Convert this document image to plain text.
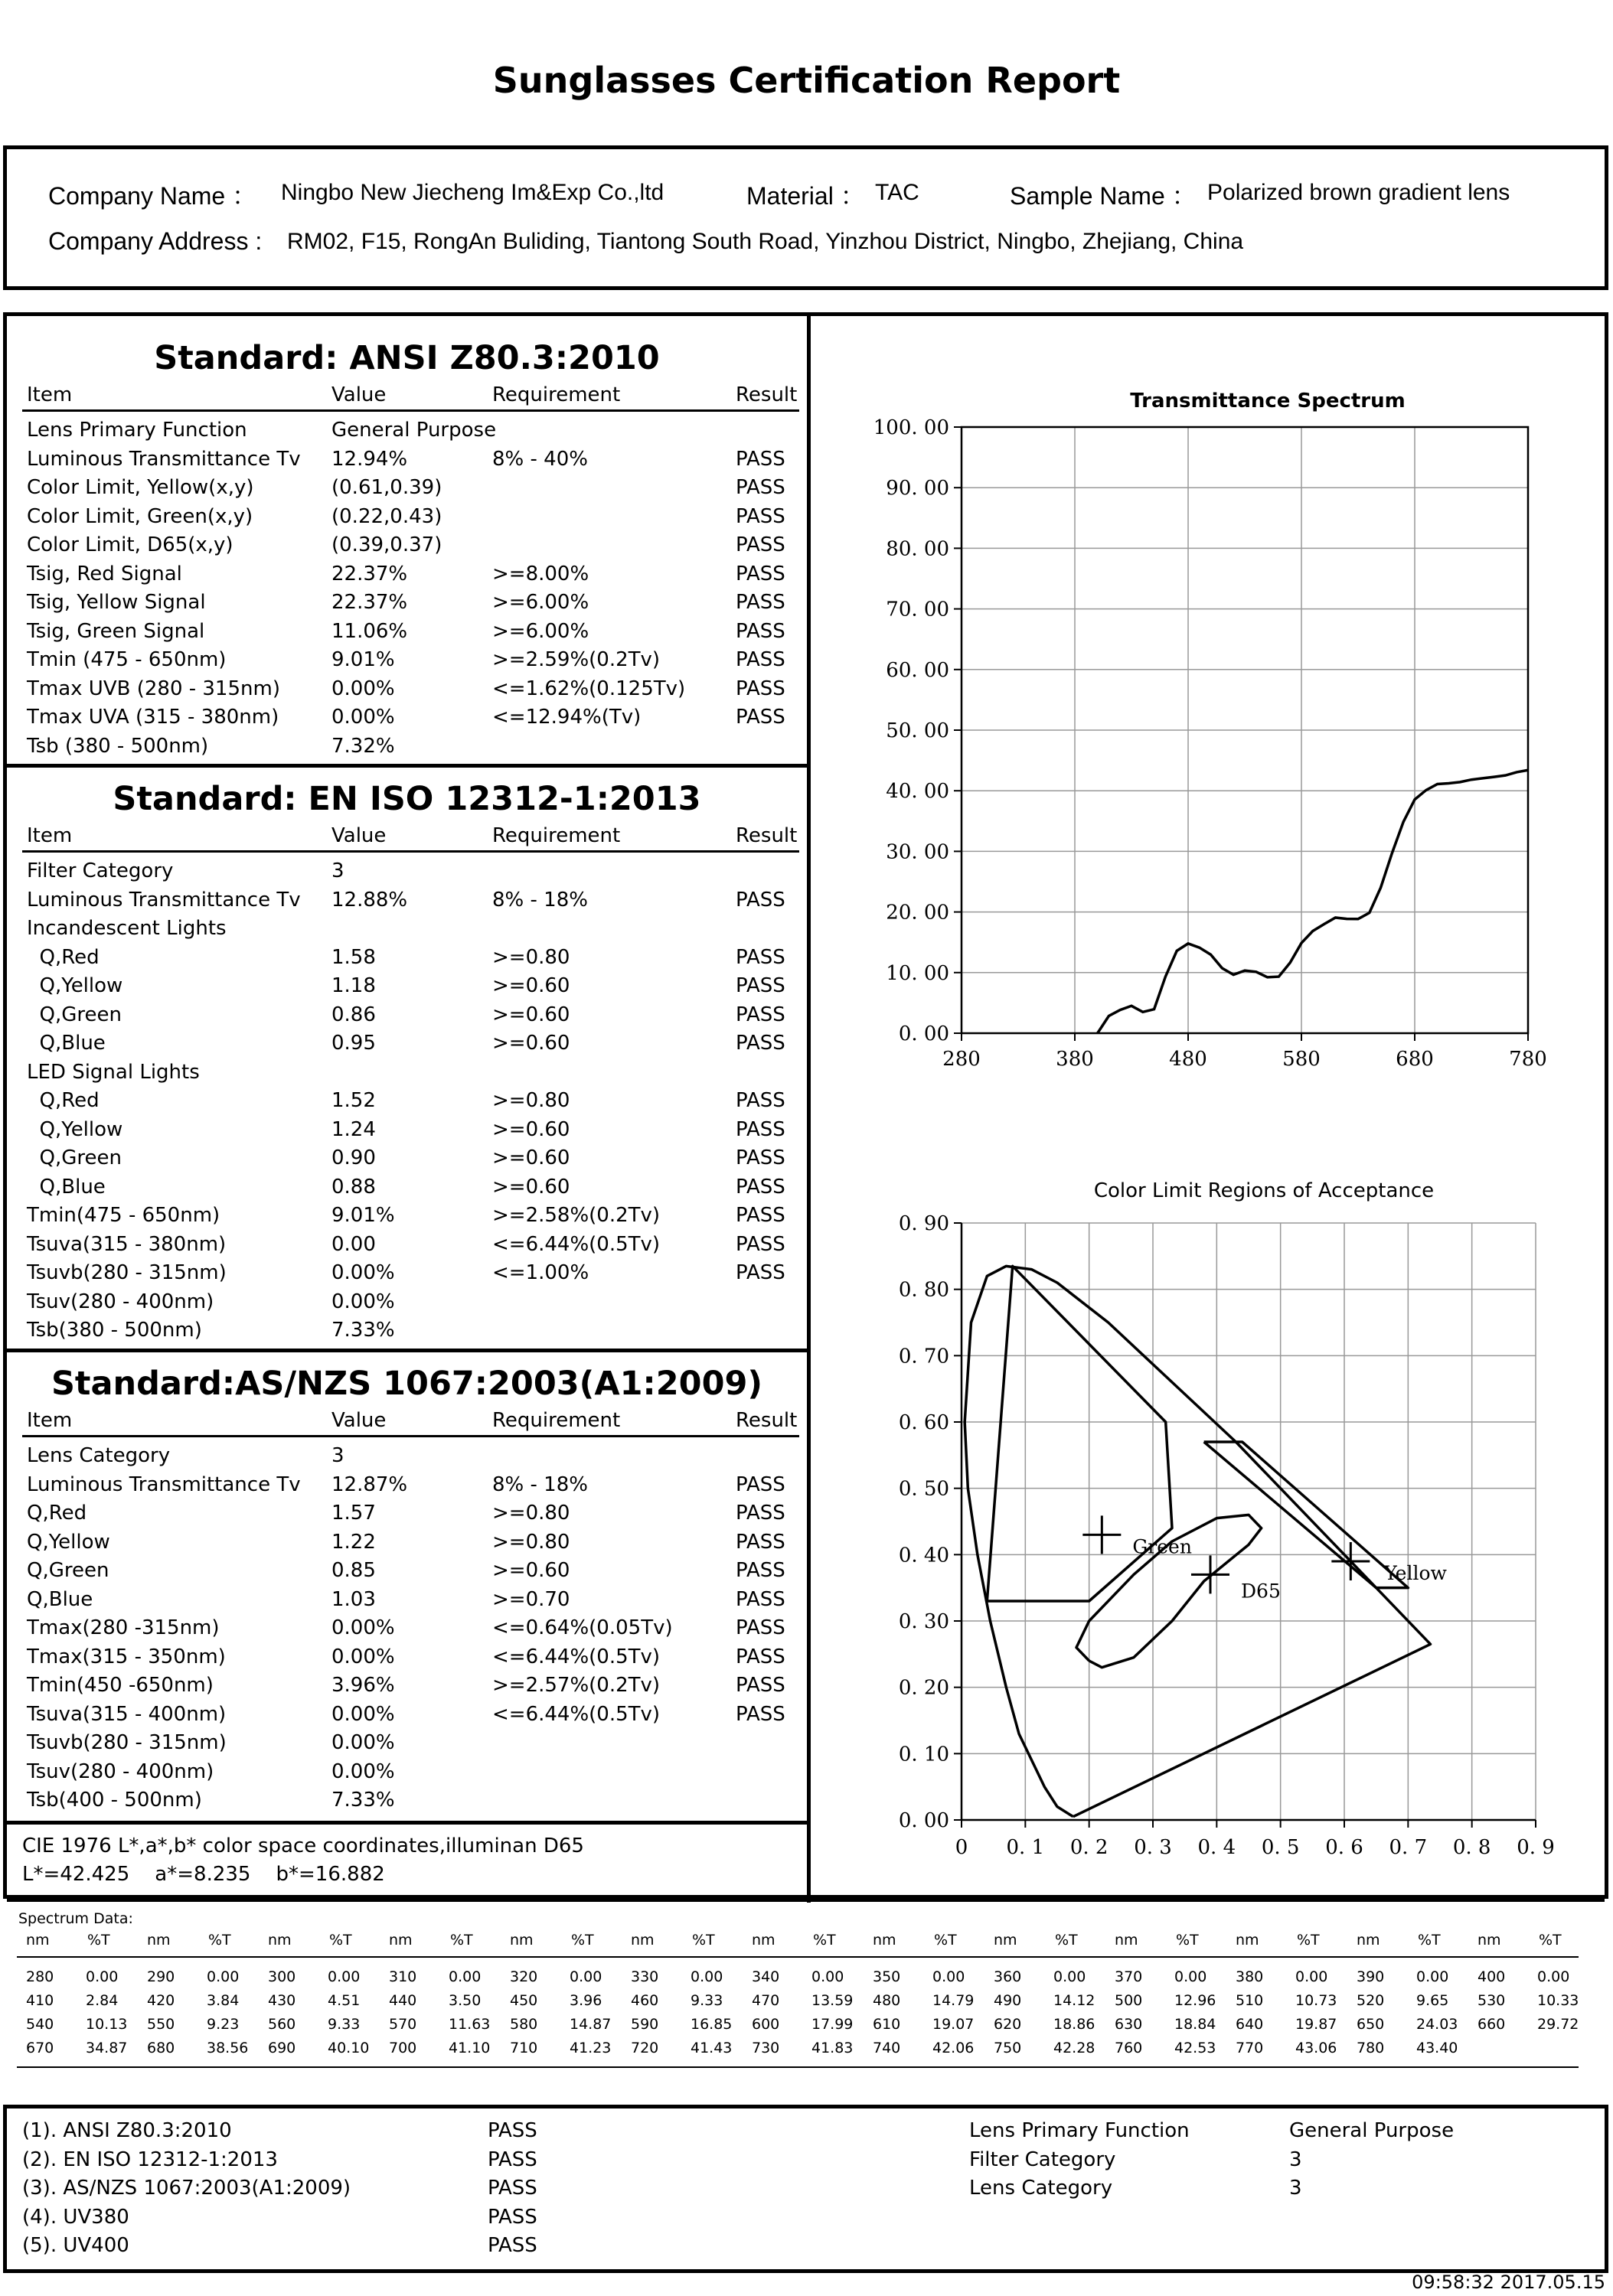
Sunglasses Certification Report
Company Name ： Ningbo New Jiecheng Im&Exp Co.,ltd	Material ： TAC	Sample Name ： Polarized brown gradient lens
Company Address : RM02, F15, RongAn Buliding, Tiantong South Road, Yinzhou District, Ningbo, Zhejiang, China
Standard: ANSI Z80.3:2010
Item	Value	Requirement	Result
Lens Primary Function	General Purpose
Luminous Transmittance Tv 12.94%	8% - 40%	PASS
Color Limit, Yellow(x,y)	(0.61,0.39)	PASS
Color Limit, Green(x,y)	(0.22,0.43)	PASS
Color Limit, D65(x,y)	(0.39,0.37)	PASS
Tsig, Red Signal	22.37%	>=8.00%	PASS
Tsig, Yellow Signal	22.37%	>=6.00%	PASS
Tsig, Green Signal	11.06%	>=6.00%	PASS
Tmin (475 - 650nm)	9.01%	>=2.59%(0.2Tv)	PASS
Tmax UVB (280 - 315nm)	0.00%	<=1.62%(0.125Tv)	PASS
Tmax UVA (315 - 380nm)	0.00%	<=12.94%(Tv)	PASS
Tsb (380 - 500nm)	7.32%
Standard: EN ISO 12312-1:2013
Item	Value	Requirement	Result
Filter Category	3
Luminous Transmittance Tv 12.88%	8% - 18%	PASS
Incandescent Lights
Q,Red	1.58	>=0.80	PASS
Q,Yellow	1.18	>=0.60	PASS
Q,Green	0.86	>=0.60	PASS
Q,Blue	0.95	>=0.60	PASS
LED Signal Lights
Q,Red	1.52	>=0.80	PASS
Q,Yellow	1.24	>=0.60	PASS
Q,Green	0.90	>=0.60	PASS
Q,Blue	0.88	>=0.60	PASS
Tmin(475 - 650nm)	9.01%	>=2.58%(0.2Tv)	PASS
Tsuva(315 - 380nm)	0.00	<=6.44%(0.5Tv)	PASS
Tsuvb(280 - 315nm)	0.00%	<=1.00%	PASS
Tsuv(280 - 400nm)	0.00%
Tsb(380 - 500nm)	7.33%
Standard:AS/NZS 1067:2003(A1:2009)
Item	Value	Requirement	Result
Lens Category	3
Luminous Transmittance Tv 12.87%	8% - 18%	PASS
Q,Red	1.57	>=0.80	PASS
Q,Yellow	1.22	>=0.80	PASS
Q,Green	0.85	>=0.60	PASS
Q,Blue	1.03	>=0.70	PASS
Tmax(280 -315nm)	0.00%	<=0.64%(0.05Tv)	PASS
Tmax(315 - 350nm)	0.00%	<=6.44%(0.5Tv)	PASS
Tmin(450 -650nm)	3.96%	>=2.57%(0.2Tv)	PASS
Tsuva(315 - 400nm)	0.00%	<=6.44%(0.5Tv)	PASS
Tsuvb(280 - 315nm)	0.00%
Tsuv(280 - 400nm)	0.00%
Tsb(400 - 500nm)	7.33%
CIE 1976 L*,a*,b* color space coordinates,illuminan D65
L*=42.425    a*=8.235    b*=16.882
Transmittance Spectrum
280	380	480	580	680	780
0. 00
10. 00
20. 00
30. 00
40. 00
50. 00
60. 00
70. 00
80. 00
90. 00
100. 00
Color Limit Regions of Acceptance
0 0. 1 0. 2 0. 3 0. 4 0. 5 0. 6 0. 7 0. 8 0. 9
0. 00
0. 10
0. 20
0. 30
0. 40
0. 50
0. 60
0. 70
0. 80
0. 90
Green
D65
Yellow
Spectrum Data:
nm	%T	nm	%T	nm	%T	nm	%T	nm	%T	nm	%T	nm	%T	nm	%T	nm	%T	nm	%T	nm	%T	nm	%T	nm	%T
280 0.00 290 0.00 300 0.00 310 0.00 320 0.00 330 0.00 340 0.00 350 0.00 360 0.00 370 0.00 380 0.00 390 0.00 400 0.00
410 2.84 420 3.84 430 4.51 440 3.50 450 3.96 460 9.33 470 13.59 480 14.79 490 14.12 500 12.96 510 10.73 520 9.65 530 10.33
540 10.13 550 9.23 560 9.33 570 11.63 580 14.87 590 16.85 600 17.99 610 19.07 620 18.86 630 18.84 640 19.87 650 24.03 660 29.72
670 34.87 680 38.56 690 40.10 700 41.10 710 41.23 720 41.43 730 41.83 740 42.06 750 42.28 760 42.53 770 43.06 780 43.40
(1). ANSI Z80.3:2010	PASS
(2). EN ISO 12312-1:2013	PASS
(3). AS/NZS 1067:2003(A1:2009)	PASS
(4). UV380	PASS
(5). UV400	PASS
Lens Primary Function	General Purpose
Filter Category	3
Lens Category	3
09:58:32 2017.05.15
